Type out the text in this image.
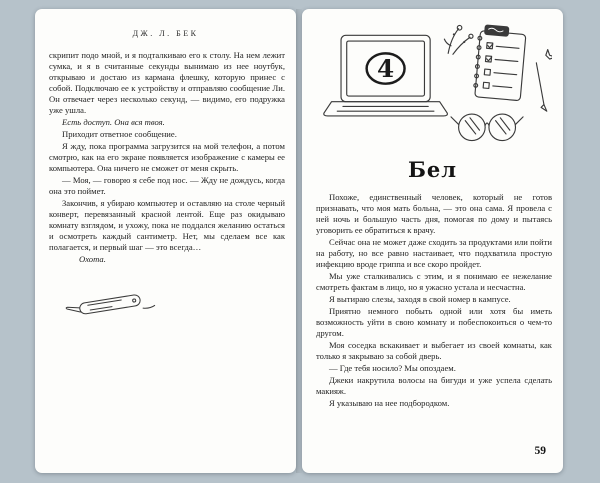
ДЖ. Л. БЕК

скрипит подо мной, и я подталкиваю его к столу. На нем лежит сумка, и я в считанные секунды вынимаю из нее ноутбук, открываю и достаю из кармана флешку, которую принес с собой. Подключаю ее к устройству и отправляю сообщение Ли. Он отвечает через несколько секунд, — видимо, его подружка уже ушла.

Есть доступ. Она вся твоя.

Приходит ответное сообщение.

Я жду, пока программа загрузится на мой телефон, а потом смотрю, как на его экране появляется изображение с камеры ее компьютера. Она ничего не сможет от меня скрыть.

— Моя, — говорю я себе под нос. — Жду не дождусь, когда она это поймет.

Закончив, я убираю компьютер и оставляю на столе черный конверт, перевязанный красной лентой. Еще раз окидываю комнату взглядом, и ухожу, пока не поддался желанию остаться и осмотреть каждый сантиметр. Нет, мы сделаем все как полагается, и первый шаг — это всегда…

Охота.

4
Бел

Похоже, единственный человек, который не готов признавать, что моя мать больна, — это она сама. Я провела с ней ночь и большую часть дня, помогая по дому и пытаясь уговорить ее обратиться к врачу.

Сейчас она не может даже сходить за продуктами или пойти на работу, но все равно настаивает, что подхватила простую инфекцию вроде гриппа и все скоро пройдет.

Мы уже сталкивались с этим, и я понимаю ее нежелание смотреть фактам в лицо, но я ужасно устала и несчастна.

Я вытираю слезы, заходя в свой номер в кампусе.

Приятно немного побыть одной или хотя бы иметь возможность уйти в свою комнату и побеспокоиться о чем-то другом.

Моя соседка вскакивает и выбегает из своей комнаты, как только я закрываю за собой дверь.

— Где тебя носило? Мы опоздаем.

Джеки накрутила волосы на бигуди и уже успела сделать макияж.

Я указываю на нее подбородком.

59
